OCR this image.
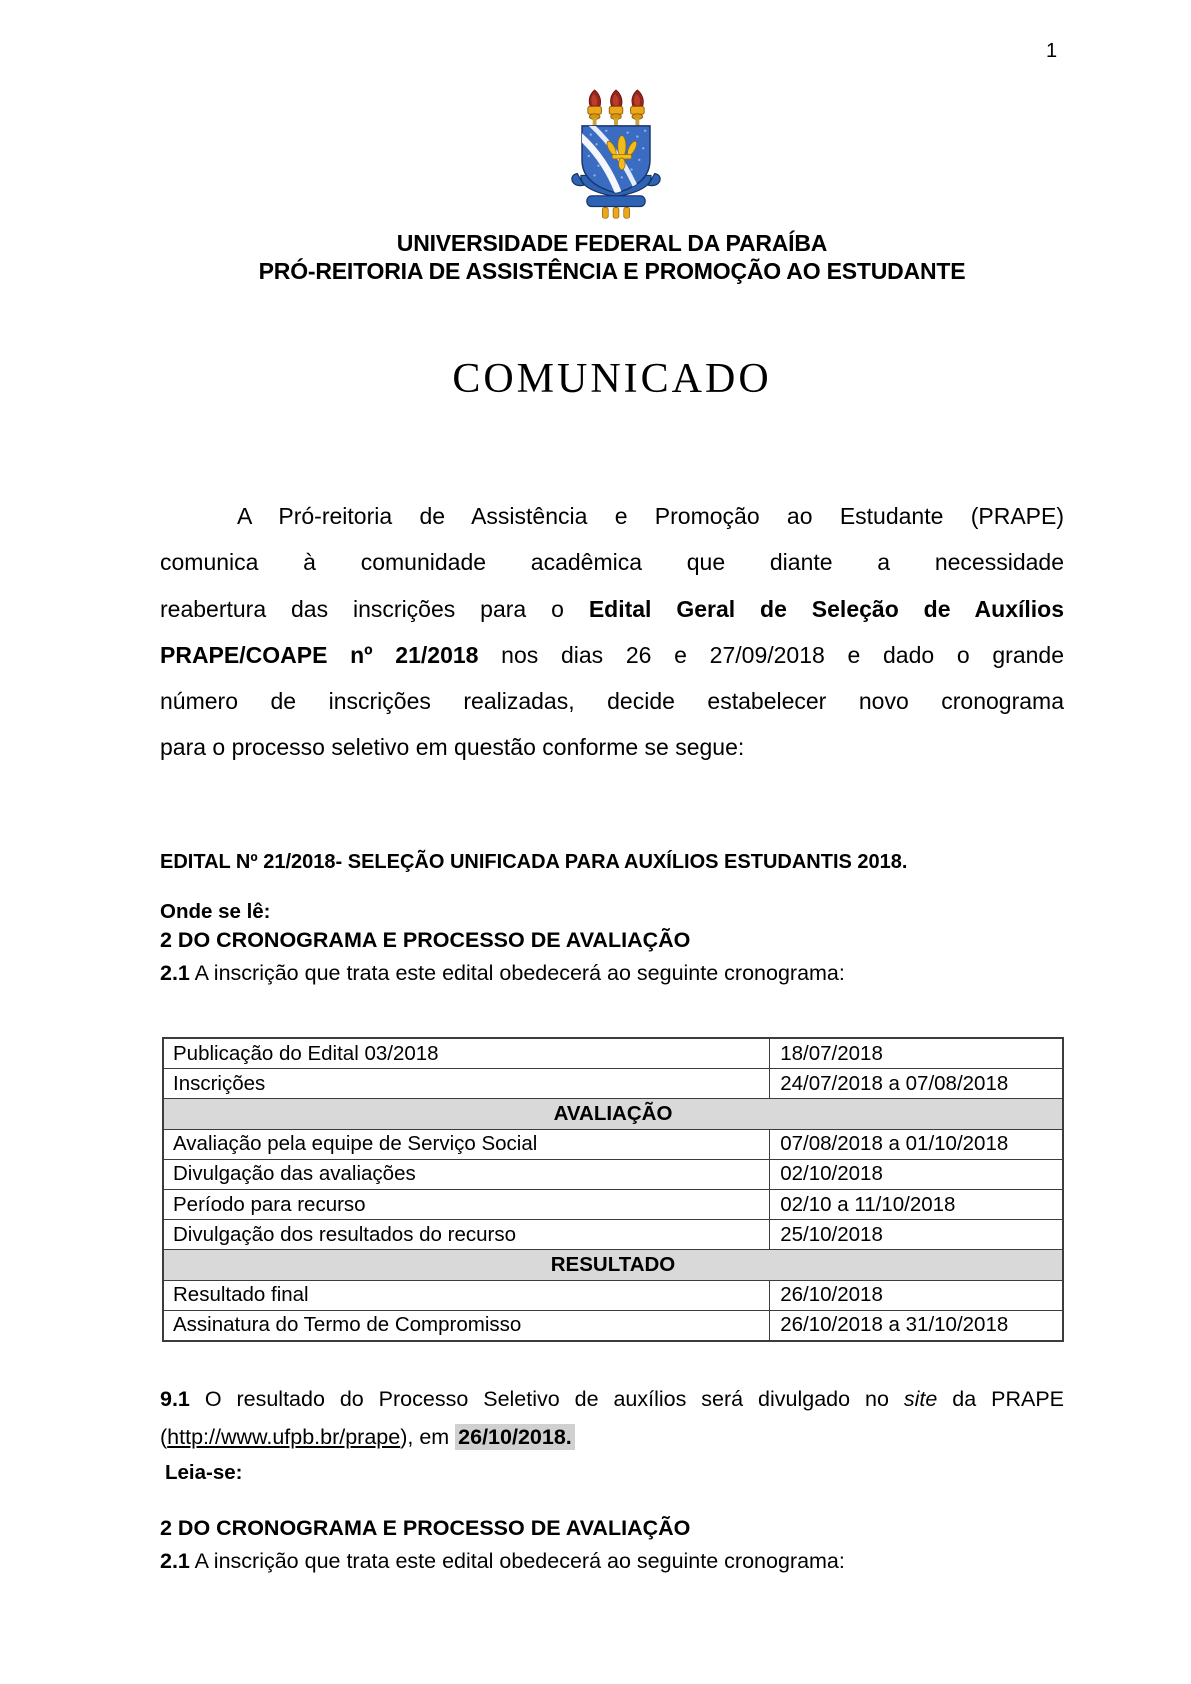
1
UNIVERSIDADE FEDERAL DA PARAÍBA
PRÓ-REITORIA DE ASSISTÊNCIA E PROMOÇÃO AO ESTUDANTE
COMUNICADO
A Pró-reitoria de Assistência e Promoção ao Estudante (PRAPE)
comunica à comunidade acadêmica que diante a necessidade
reabertura das inscrições para o Edital Geral de Seleção de Auxílios
PRAPE/COAPE nº 21/2018 nos dias 26 e 27/09/2018 e dado o grande
número de inscrições realizadas, decide estabelecer novo cronograma
para o processo seletivo em questão conforme se segue:
EDITAL Nº 21/2018- SELEÇÃO UNIFICADA PARA AUXÍLIOS ESTUDANTIS 2018.
Onde se lê:
2 DO CRONOGRAMA E PROCESSO DE AVALIAÇÃO
2.1 A inscrição que trata este edital obedecerá ao seguinte cronograma:
Publicação do Edital 03/2018	18/07/2018
Inscrições	24/07/2018 a 07/08/2018
AVALIAÇÃO
Avaliação pela equipe de Serviço Social	07/08/2018 a 01/10/2018
Divulgação das avaliações	02/10/2018
Período para recurso	02/10 a 11/10/2018
Divulgação dos resultados do recurso	25/10/2018
RESULTADO
Resultado final	26/10/2018
Assinatura do Termo de Compromisso	26/10/2018 a 31/10/2018
9.1 O resultado do Processo Seletivo de auxílios será divulgado no site da PRAPE
(http://www.ufpb.br/prape), em 26/10/2018.
Leia-se:
2 DO CRONOGRAMA E PROCESSO DE AVALIAÇÃO
2.1 A inscrição que trata este edital obedecerá ao seguinte cronograma:
